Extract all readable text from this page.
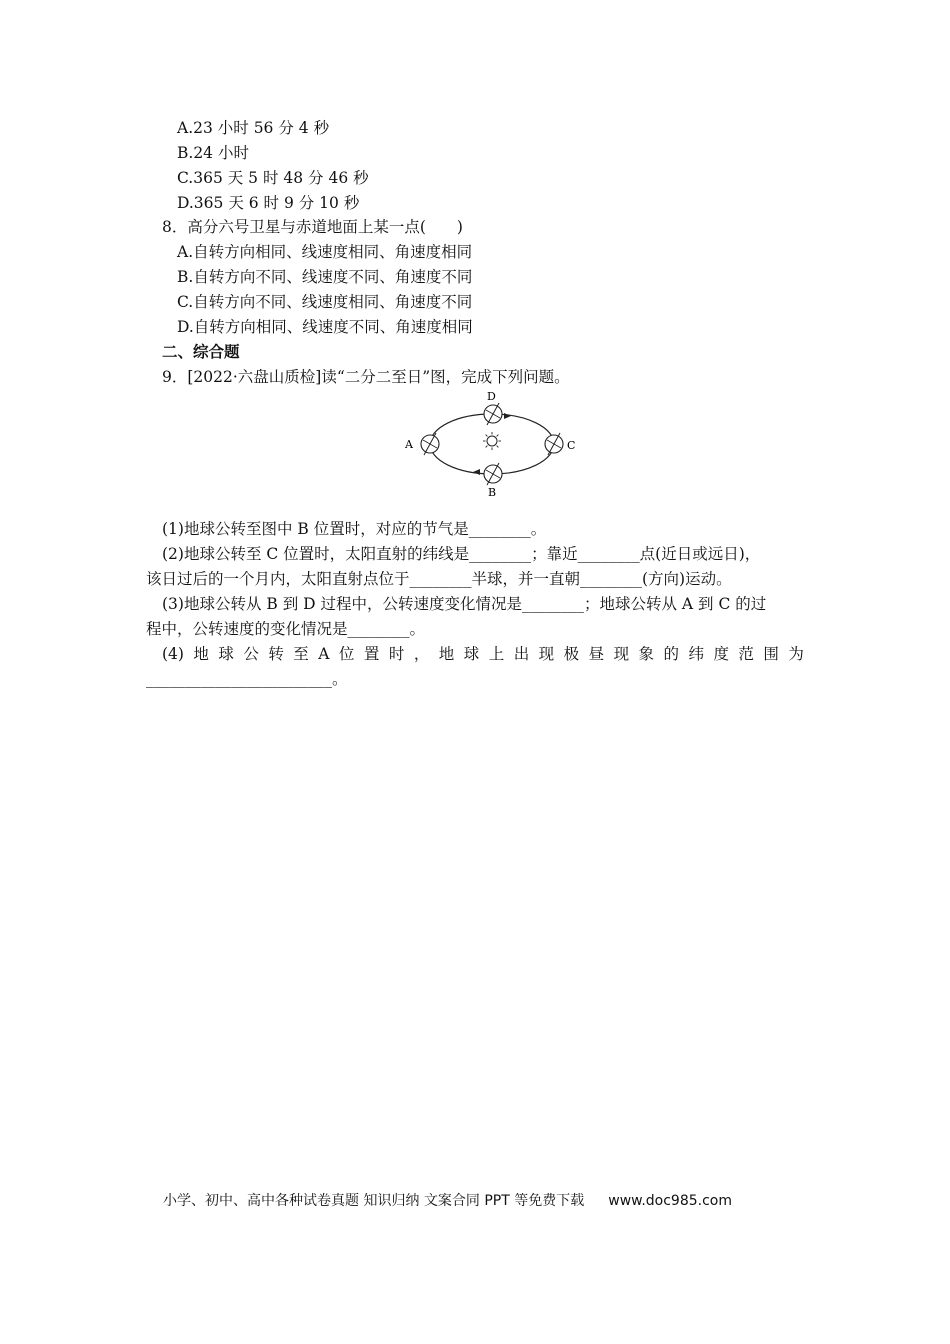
A.23 小时 56 分 4 秒
B.24 小时
C.365 天 5 时 48 分 46 秒
D.365 天 6 时 9 分 10 秒
8．高分六号卫星与赤道地面上某一点(　　)
A.自转方向相同、线速度相同、角速度相同
B.自转方向不同、线速度不同、角速度不同
C.自转方向不同、线速度相同、角速度不同
D.自转方向相同、线速度不同、角速度相同
二、综合题
9．[2022·六盘山质检]读“二分二至日”图，完成下列问题。
D
B
A	C
(1)地球公转至图中 B 位置时，对应的节气是________。
(2)地球公转至 C 位置时，太阳直射的纬线是________；靠近________点(近日或远日)，
该日过后的一个月内，太阳直射点位于________半球，并一直朝________(方向)运动。
(3)地球公转从 B 到 D 过程中，公转速度变化情况是________；地球公转从 A 到 C 的过
程中，公转速度的变化情况是________。
(4) 地 球 公 转 至 A 位 置 时 ， 地 球 上 出 现 极 昼 现 象 的 纬 度 范 围 为
________________________。
小学、初中、高中各种试卷真题 知识归纳 文案合同 PPT 等免费下载 www.doc985.com
